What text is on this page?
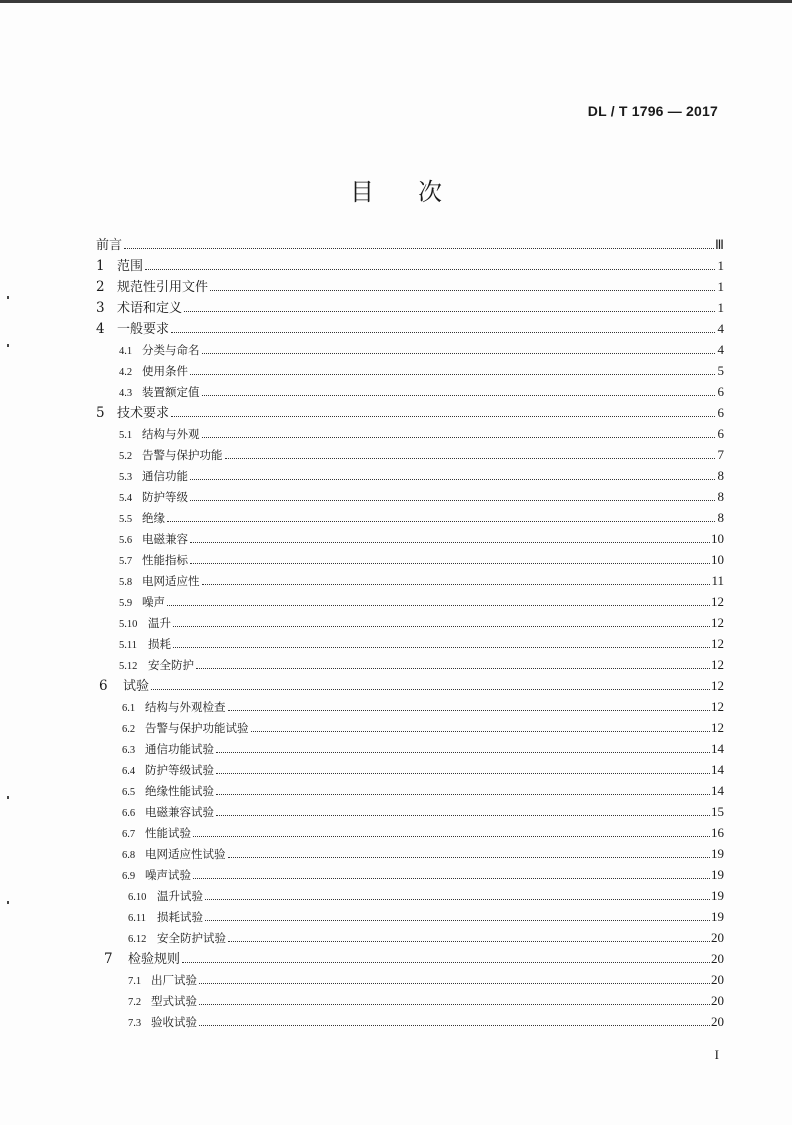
DL / T 1796 — 2017
目 次
前言	Ⅲ
1 范围	1
2 规范性引用文件	1
3 术语和定义	1
4 一般要求	4
4.1 分类与命名	4
4.2 使用条件	5
4.3 装置额定值	6
5 技术要求	6
5.1 结构与外观	6
5.2 告警与保护功能	7
5.3 通信功能	8
5.4 防护等级	8
5.5 绝缘	8
5.6 电磁兼容	10
5.7 性能指标	10
5.8 电网适应性	11
5.9 噪声	12
5.10 温升	12
5.11 损耗	12
5.12 安全防护	12
6	试验	12
6.1 结构与外观检查	12
6.2 告警与保护功能试验	12
6.3 通信功能试验	14
6.4 防护等级试验	14
6.5 绝缘性能试验	14
6.6 电磁兼容试验	15
6.7 性能试验	16
6.8 电网适应性试验	19
6.9 噪声试验	19
6.10 温升试验	19
6.11 损耗试验	19
6.12 安全防护试验	20
7	检验规则	20
7.1 出厂试验	20
7.2 型式试验	20
7.3 验收试验	20
I
